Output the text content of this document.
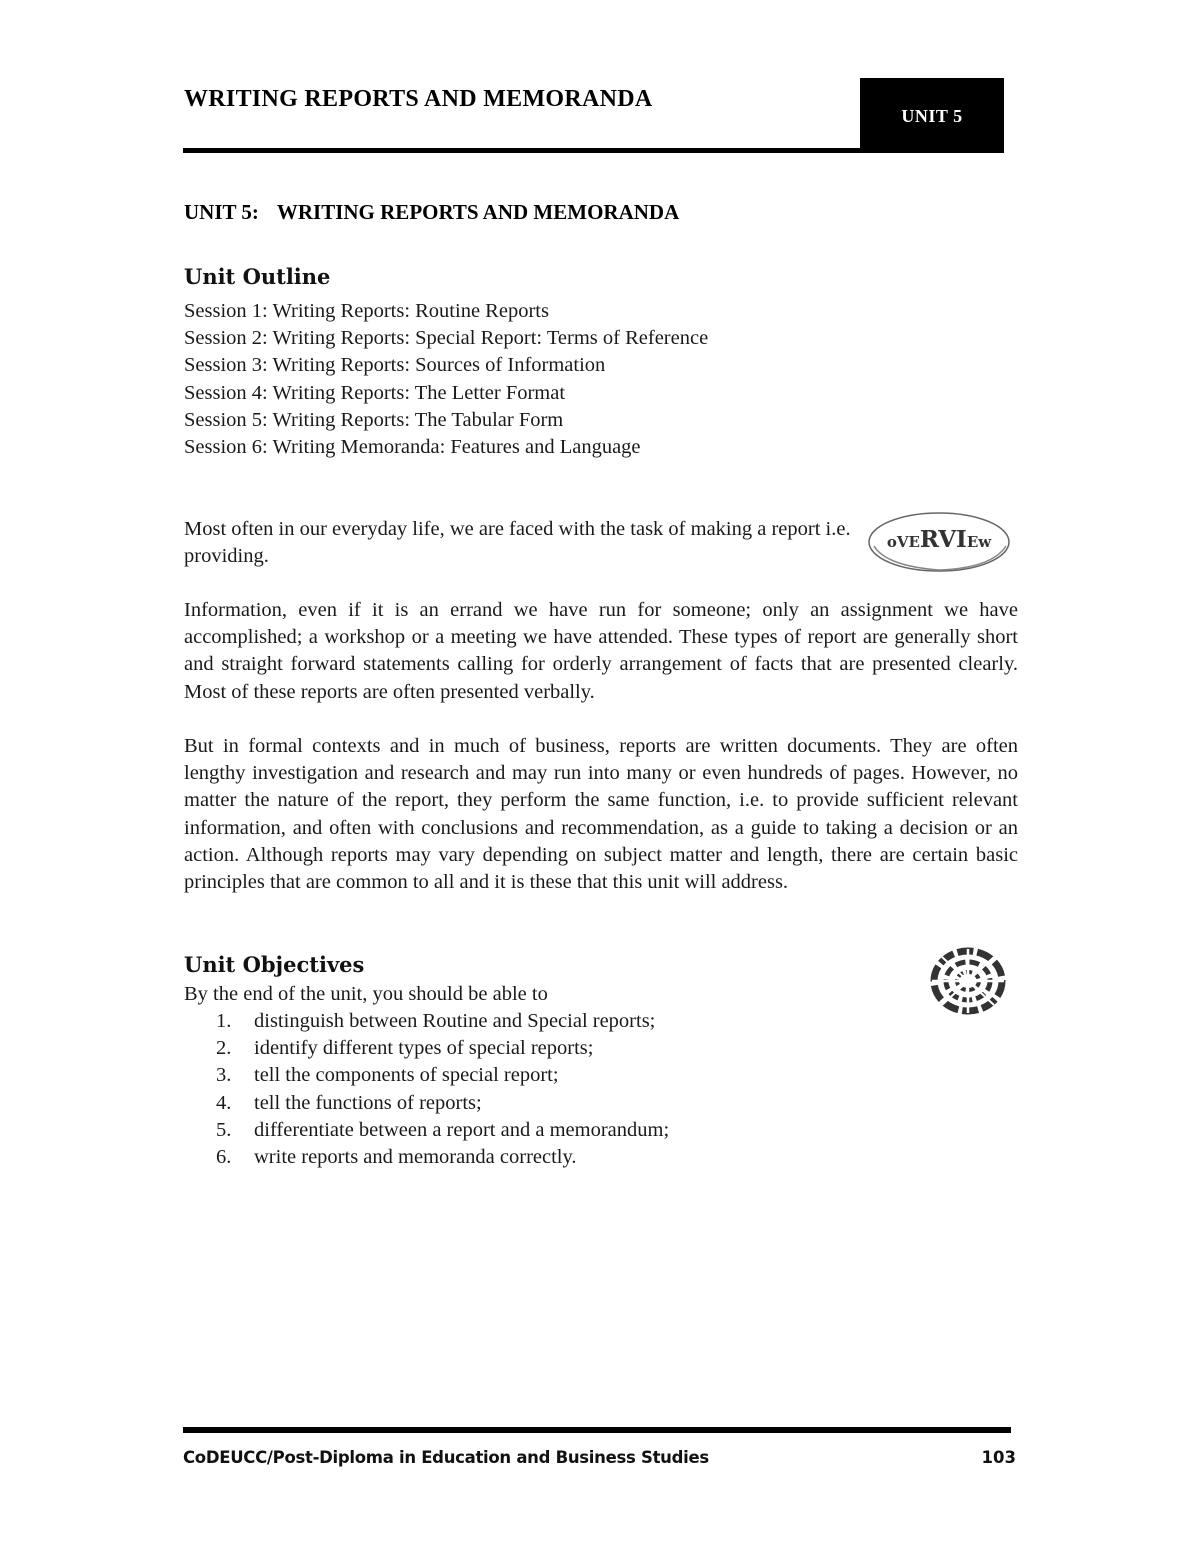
WRITING REPORTS AND MEMORANDA
UNIT 5
UNIT 5: WRITING REPORTS AND MEMORANDA
Unit Outline
Session 1: Writing Reports: Routine Reports
Session 2: Writing Reports: Special Report: Terms of Reference
Session 3: Writing Reports: Sources of Information
Session 4: Writing Reports: The Letter Format
Session 5: Writing Reports: The Tabular Form
Session 6: Writing Memoranda: Features and Language

Most often in our everyday life, we are faced with the task of making a report i.e. providing.

oVERVIEw

Information, even if it is an errand we have run for someone; only an assignment we have accomplished; a workshop or a meeting we have attended. These types of report are generally short and straight forward statements calling for orderly arrangement of facts that are presented clearly. Most of these reports are often presented verbally.

But in formal contexts and in much of business, reports are written documents. They are often lengthy investigation and research and may run into many or even hundreds of pages. However, no matter the nature of the report, they perform the same function, i.e. to provide sufficient relevant information, and often with conclusions and recommendation, as a guide to taking a decision or an action. Although reports may vary depending on subject matter and length, there are certain basic principles that are common to all and it is these that this unit will address.

Unit Objectives
By the end of the unit, you should be able to
1.	distinguish between Routine and Special reports;
2.	identify different types of special reports;
3.	tell the components of special report;
4.	tell the functions of reports;
5.	differentiate between a report and a memorandum;
6.	write reports and memoranda correctly.
CoDEUCC/Post-Diploma in Education and Business Studies	103
